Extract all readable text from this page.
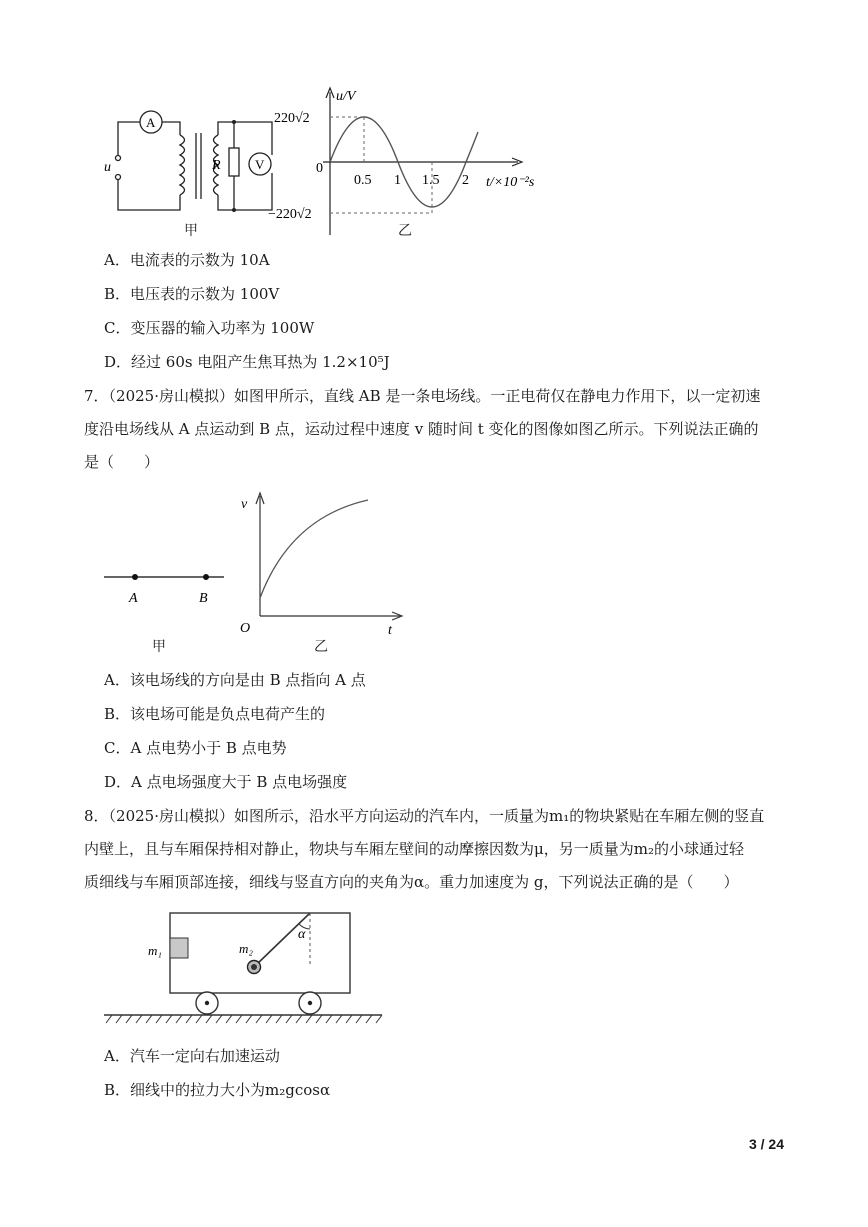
A
V
R
u
甲
u/V
220√2
−220√2
0
0.5 1 1.5 2 t/×10⁻²s
乙
A．电流表的示数为 10A
B．电压表的示数为 100V
C．变压器的输入功率为 100W
D．经过 60s 电阻产生焦耳热为 1.2×10⁵J
7．（2025·房山模拟）如图甲所示，直线 AB 是一条电场线。一正电荷仅在静电力作用下，以一定初速
度沿电场线从 A 点运动到 B 点，运动过程中速度 v 随时间 t 变化的图像如图乙所示。下列说法正确的
是（　　）
A	B
v
t
O
甲	乙
A．该电场线的方向是由 B 点指向 A 点
B．该电场可能是负点电荷产生的
C．A 点电势小于 B 点电势
D．A 点电场强度大于 B 点电场强度
8．（2025·房山模拟）如图所示，沿水平方向运动的汽车内，一质量为m₁的物块紧贴在车厢左侧的竖直
内壁上，且与车厢保持相对静止，物块与车厢左壁间的动摩擦因数为μ，另一质量为m₂的小球通过轻
质细线与车厢顶部连接，细线与竖直方向的夹角为α。重力加速度为 g，下列说法正确的是（　　）
m₁	m₂
α
A．汽车一定向右加速运动
B．细线中的拉力大小为m₂gcosα
3 / 24
